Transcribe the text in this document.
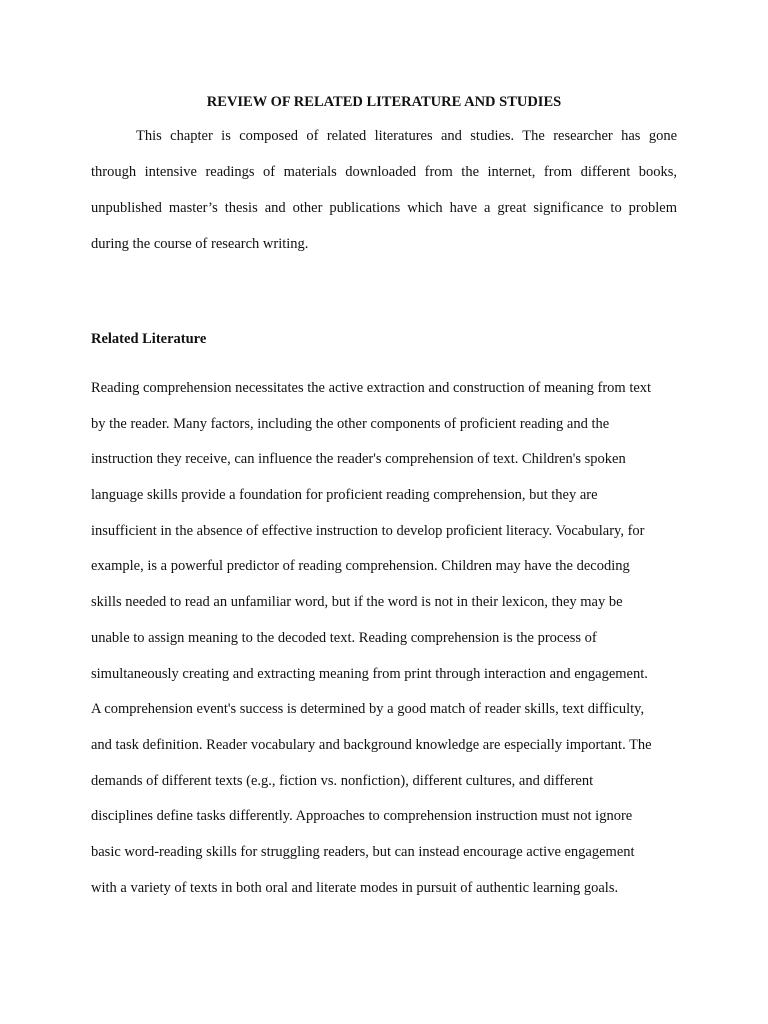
REVIEW OF RELATED LITERATURE AND STUDIES
This chapter is composed of related literatures and studies. The researcher has gone
through intensive readings of materials downloaded from the internet, from different books,
unpublished master’s thesis and other publications which have a great significance to problem
during the course of research writing.
Related Literature
Reading comprehension necessitates the active extraction and construction of meaning from text
by the reader. Many factors, including the other components of proficient reading and the
instruction they receive, can influence the reader's comprehension of text. Children's spoken
language skills provide a foundation for proficient reading comprehension, but they are
insufficient in the absence of effective instruction to develop proficient literacy. Vocabulary, for
example, is a powerful predictor of reading comprehension. Children may have the decoding
skills needed to read an unfamiliar word, but if the word is not in their lexicon, they may be
unable to assign meaning to the decoded text. Reading comprehension is the process of
simultaneously creating and extracting meaning from print through interaction and engagement.
A comprehension event's success is determined by a good match of reader skills, text difficulty,
and task definition. Reader vocabulary and background knowledge are especially important. The
demands of different texts (e.g., fiction vs. nonfiction), different cultures, and different
disciplines define tasks differently. Approaches to comprehension instruction must not ignore
basic word-reading skills for struggling readers, but can instead encourage active engagement
with a variety of texts in both oral and literate modes in pursuit of authentic learning goals.
